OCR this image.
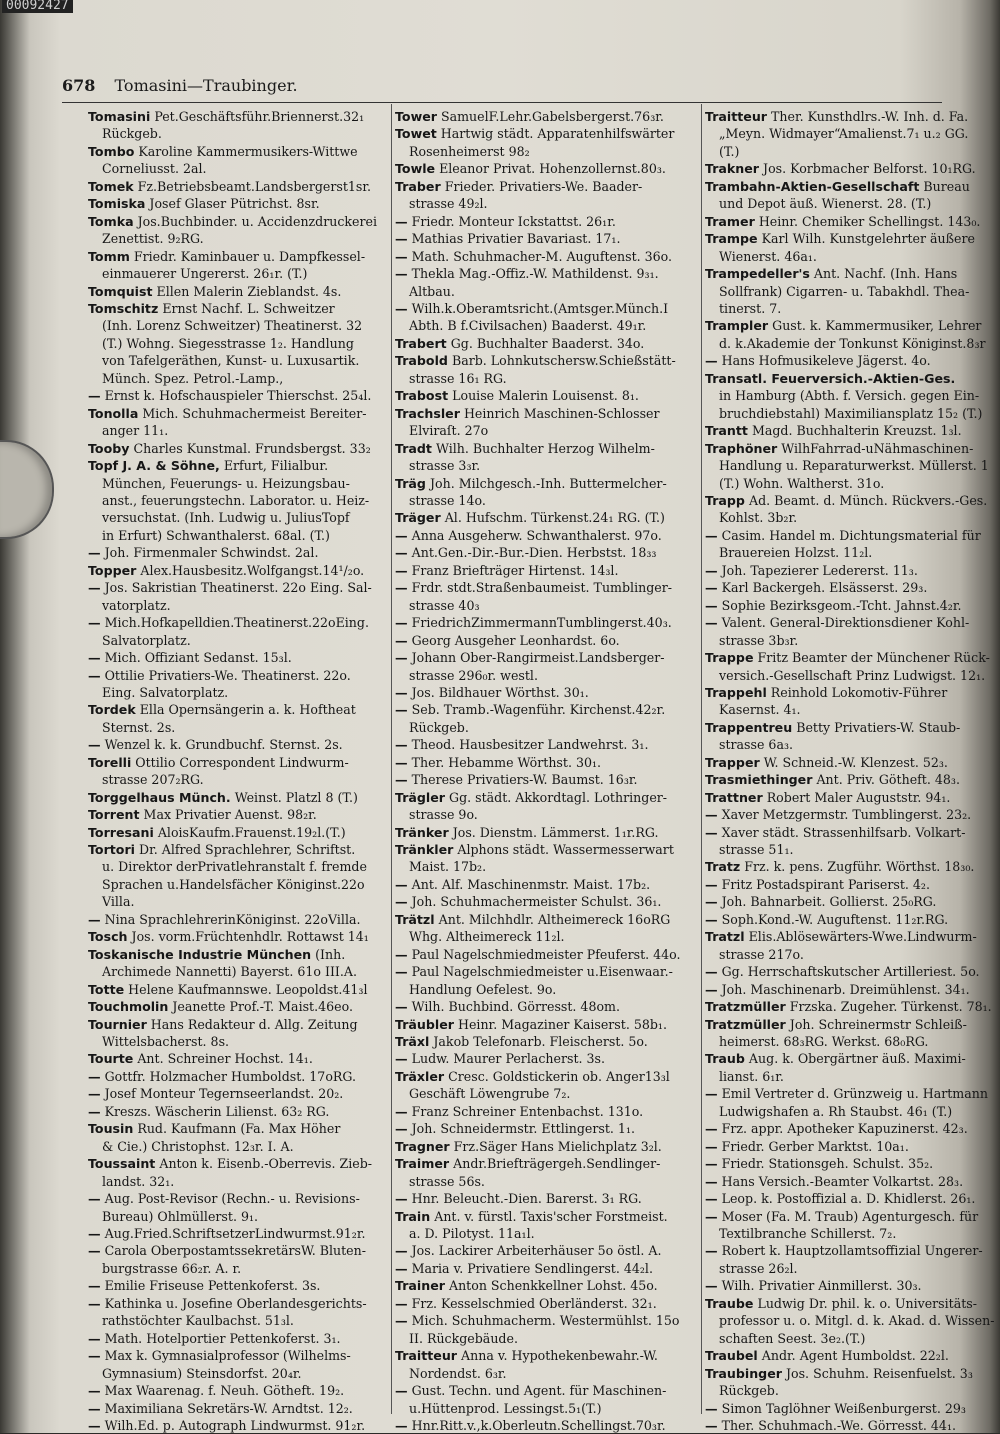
00092427
678 Tomasini—Traubinger.
Tomasini Pet.Geschäftsführ.Briennerst.32₁
Rückgeb.
Tombo Karoline Kammermusikers-Wittwe
Corneliusst. 2al.
Tomek Fz.Betriebsbeamt.Landsbergerst1sr.
Tomiska Josef Glaser Pütrichst. 8sr.
Tomka Jos.Buchbinder. u. Accidenzdruckerei
Zenettist. 9₂RG.
Tomm Friedr. Kaminbauer u. Dampfkessel-
einmauerer Ungererst. 26₁r. (T.)
Tomquist Ellen Malerin Zieblandst. 4s.
Tomschitz Ernst Nachf. L. Schweitzer
(Inh. Lorenz Schweitzer) Theatinerst. 32
(T.) Wohng. Siegesstrasse 1₂. Handlung
von Tafelgeräthen, Kunst- u. Luxusartik.
Münch. Spez. Petrol.-Lamp.,
— Ernst k. Hofschauspieler Thierschst. 25₄l.
Tonolla Mich. Schuhmachermeist Bereiter-
anger 11₁.
Tooby Charles Kunstmal. Frundsbergst. 33₂
Topf J. A. & Söhne, Erfurt, Filialbur.
München, Feuerungs- u. Heizungsbau-
anst., feuerungstechn. Laborator. u. Heiz-
versuchstat. (Inh. Ludwig u. JuliusTopf
in Erfurt) Schwanthalerst. 68al. (T.)
— Joh. Firmenmaler Schwindst. 2al.
Topper Alex.Hausbesitz.Wolfgangst.14¹/₂o.
— Jos. Sakristian Theatinerst. 22o Eing. Sal-
vatorplatz.
— Mich.Hofkapelldien.Theatinerst.22oEing.
Salvatorplatz.
— Mich. Offiziant Sedanst. 15₃l.
— Ottilie Privatiers-We. Theatinerst. 22o.
Eing. Salvatorplatz.
Tordek Ella Opernsängerin a. k. Hoftheat
Sternst. 2s.
— Wenzel k. k. Grundbuchf. Sternst. 2s.
Torelli Ottilio Correspondent Lindwurm-
strasse 207₂RG.
Torggelhaus Münch. Weinst. Platzl 8 (T.)
Torrent Max Privatier Auenst. 98₂r.
Torresani AloisKaufm.Frauenst.19₂l.(T.)
Tortori Dr. Alfred Sprachlehrer, Schriftst.
u. Direktor derPrivatlehranstalt f. fremde
Sprachen u.Handelsfächer Königinst.22o
Villa.
— Nina SprachlehrerinKöniginst. 22oVilla.
Tosch Jos. vorm.Früchtenhdlr. Rottawst 14₁
Toskanische Industrie München (Inh.
Archimede Nannetti) Bayerst. 61o III.A.
Totte Helene Kaufmannswe. Leopoldst.41₃l
Touchmolin Jeanette Prof.-T. Maist.46eo.
Tournier Hans Redakteur d. Allg. Zeitung
Wittelsbacherst. 8s.
Tourte Ant. Schreiner Hochst. 14₁.
— Gottfr. Holzmacher Humboldst. 17oRG.
— Josef Monteur Tegernseerlandst. 20₂.
— Kreszs. Wäscherin Lilienst. 63₂ RG.
Tousin Rud. Kaufmann (Fa. Max Höher
& Cie.) Christophst. 12₃r. I. A.
Toussaint Anton k. Eisenb.-Oberrevis. Zieb-
landst. 32₁.
— Aug. Post-Revisor (Rechn.- u. Revisions-
Bureau) Ohlmüllerst. 9₁.
— Aug.Fried.SchriftsetzerLindwurmst.91₂r.
— Carola OberpostamtssekretärsW. Bluten-
burgstrasse 66₂r. A. r.
— Emilie Friseuse Pettenkoferst. 3s.
— Kathinka u. Josefine Oberlandesgerichts-
rathstöchter Kaulbachst. 51₃l.
— Math. Hotelportier Pettenkoferst. 3₁.
— Max k. Gymnasialprofessor (Wilhelms-
Gymnasium) Steinsdorfst. 20₄r.
— Max Waarenag. f. Neuh. Götheft. 19₂.
— Maximiliana Sekretärs-W. Arndtst. 12₂.
— Wilh.Ed. p. Autograph Lindwurmst. 91₂r.
Tower SamuelF.Lehr.Gabelsbergerst.76₃r.
Towet Hartwig städt. Apparatenhilfswärter
Rosenheimerst 98₂
Towle Eleanor Privat. Hohenzollernst.80₃.
Traber Frieder. Privatiers-We. Baader-
strasse 49₂l.
— Friedr. Monteur Ickstattst. 26₁r.
— Mathias Privatier Bavariast. 17₁.
— Math. Schuhmacher-M. Auguftenst. 36o.
— Thekla Mag.-Offiz.-W. Mathildenst. 9₃₁.
Altbau.
— Wilh.k.Oberamtsricht.(Amtsger.Münch.I
Abth. B f.Civilsachen) Baaderst. 49₁r.
Trabert Gg. Buchhalter Baaderst. 34o.
Trabold Barb. Lohnkutschersw.Schießstätt-
strasse 16₁ RG.
Trabost Louise Malerin Louisenst. 8₁.
Trachsler Heinrich Maschinen-Schlosser
Elviraſt. 27o
Tradt Wilh. Buchhalter Herzog Wilhelm-
strasse 3₃r.
Träg Joh. Milchgesch.-Inh. Buttermelcher-
strasse 14o.
Träger Al. Hufschm. Türkenst.24₁ RG. (T.)
— Anna Ausgeherw. Schwanthalerst. 97o.
— Ant.Gen.-Dir.-Bur.-Dien. Herbstst. 18₃₃
— Franz Briefträger Hirtenst. 14₃l.
— Frdr. stdt.Straßenbaumeist. Tumblinger-
strasse 40₃
— FriedrichZimmermannTumblingerst.40₃.
— Georg Ausgeher Leonhardst. 6o.
— Johann Ober-Rangirmeist.Landsberger-
strasse 296₀r. westl.
— Jos. Bildhauer Wörthst. 30₁.
— Seb. Tramb.-Wagenführ. Kirchenst.42₂r.
Rückgeb.
— Theod. Hausbesitzer Landwehrst. 3₁.
— Ther. Hebamme Wörthst. 30₁.
— Therese Privatiers-W. Baumst. 16₃r.
Trägler Gg. städt. Akkordtagl. Lothringer-
strasse 9o.
Tränker Jos. Dienstm. Lämmerst. 1₁r.RG.
Tränkler Alphons städt. Wassermesserwart
Maist. 17b₂.
— Ant. Alf. Maschinenmstr. Maist. 17b₂.
— Joh. Schuhmachermeister Schulst. 36₁.
Trätzl Ant. Milchhdlr. Altheimereck 16oRG
Whg. Altheimereck 11₂l.
— Paul Nagelschmiedmeister Pfeuferst. 44o.
— Paul Nagelschmiedmeister u.Eisenwaar.-
Handlung Oefelest. 9o.
— Wilh. Buchbind. Görresst. 48om.
Träubler Heinr. Magaziner Kaiserst. 58b₁.
Träxl Jakob Telefonarb. Fleischerst. 5o.
— Ludw. Maurer Perlacherst. 3s.
Träxler Cresc. Goldstickerin ob. Anger13₃l
Geschäft Löwengrube 7₂.
— Franz Schreiner Entenbachst. 131o.
— Joh. Schneidermstr. Ettlingerst. 1₁.
Tragner Frz.Säger Hans Mielichplatz 3₂l.
Traimer Andr.Briefträgergeh.Sendlinger-
strasse 56s.
— Hnr. Beleucht.-Dien. Barerst. 3₁ RG.
Train Ant. v. fürstl. Taxis'scher Forstmeist.
a. D. Pilotyst. 11a₁l.
— Jos. Lackirer Arbeiterhäuser 5o östl. A.
— Maria v. Privatiere Sendlingerst. 44₂l.
Trainer Anton Schenkkellner Lohst. 45o.
— Frz. Kesselschmied Oberländerst. 32₁.
— Mich. Schuhmacherm. Westermühlst. 15o
II. Rückgebäude.
Traitteur Anna v. Hypothekenbewahr.-W.
Nordendst. 6₃r.
— Gust. Techn. und Agent. für Maschinen-
u.Hüttenprod. Lessingst.5₁(T.)
— Hnr.Ritt.v.,k.Oberleutn.Schellingst.70₃r.
Traitteur Ther. Kunsthdlrs.-W. Inh. d. Fa.
„Meyn. Widmayer“Amalienst.7₁ u.₂ GG.
(T.)
Trakner Jos. Korbmacher Belforst. 10₁RG.
Trambahn-Aktien-Gesellschaft Bureau
und Depot äuß. Wienerst. 28. (T.)
Tramer Heinr. Chemiker Schellingst. 143₀.
Trampe Karl Wilh. Kunstgelehrter äußere
Wienerst. 46a₁.
Trampedeller's Ant. Nachf. (Inh. Hans
Sollfrank) Cigarren- u. Tabakhdl. Thea-
tinerst. 7.
Trampler Gust. k. Kammermusiker, Lehrer
d. k.Akademie der Tonkunst Königinst.8₃r
— Hans Hofmusikeleve Jägerst. 4o.
Transatl. Feuerversich.-Aktien-Ges.
in Hamburg (Abth. f. Versich. gegen Ein-
bruchdiebstahl) Maximiliansplatz 15₂ (T.)
Trantt Magd. Buchhalterin Kreuzst. 1₃l.
Traphöner WilhFahrrad-uNähmaschinen-
Handlung u. Reparaturwerkst. Müllerst. 1
(T.) Wohn. Waltherst. 31o.
Trapp Ad. Beamt. d. Münch. Rückvers.-Ges.
Kohlst. 3b₂r.
— Casim. Handel m. Dichtungsmaterial für
Brauereien Holzst. 11₂l.
— Joh. Tapezierer Ledererst. 11₃.
— Karl Backergeh. Elsässerst. 29₃.
— Sophie Bezirksgeom.-Tcht. Jahnst.4₂r.
— Valent. General-Direktionsdiener Kohl-
strasse 3b₃r.
Trappe Fritz Beamter der Münchener Rück-
versich.-Gesellschaft Prinz Ludwigst. 12₁.
Trappehl Reinhold Lokomotiv-Führer
Kasernst. 4₁.
Trappentreu Betty Privatiers-W. Staub-
strasse 6a₃.
Trapper W. Schneid.-W. Klenzest. 52₃.
Trasmiethinger Ant. Priv. Götheft. 48₃.
Trattner Robert Maler Auguststr. 94₁.
— Xaver Metzgermstr. Tumblingerst. 23₂.
— Xaver städt. Strassenhilfsarb. Volkart-
strasse 51₁.
Tratz Frz. k. pens. Zugführ. Wörthst. 18₃₀.
— Fritz Postadspirant Pariserst. 4₂.
— Joh. Bahnarbeit. Gollierst. 25₀RG.
— Soph.Kond.-W. Auguftenst. 11₂r.RG.
Tratzl Elis.Ablösewärters-Wwe.Lindwurm-
strasse 217o.
— Gg. Herrschaftskutscher Artilleriest. 5o.
— Joh. Maschinenarb. Dreimühlenst. 34₁.
Tratzmüller Frzska. Zugeher. Türkenst. 78₁.
Tratzmüller Joh. Schreinermstr Schleiß-
heimerst. 68₃RG. Werkst. 68₀RG.
Traub Aug. k. Obergärtner äuß. Maximi-
lianst. 6₁r.
— Emil Vertreter d. Grünzweig u. Hartmann
Ludwigshafen a. Rh Staubst. 46₁ (T.)
— Frz. appr. Apotheker Kapuzinerst. 42₃.
— Friedr. Gerber Marktst. 10a₁.
— Friedr. Stationsgeh. Schulst. 35₂.
— Hans Versich.-Beamter Volkartst. 28₃.
— Leop. k. Postoffizial a. D. Khidlerst. 26₁.
— Moser (Fa. M. Traub) Agenturgesch. für
Textilbranche Schillerst. 7₂.
— Robert k. Hauptzollamtsoffizial Ungerer-
strasse 26₂l.
— Wilh. Privatier Ainmillerst. 30₃.
Traube Ludwig Dr. phil. k. o. Universitäts-
professor u. o. Mitgl. d. k. Akad. d. Wissen-
schaften Seest. 3e₂.(T.)
Traubel Andr. Agent Humboldst. 22₂l.
Traubinger Jos. Schuhm. Reisenfuelst. 3₃
Rückgeb.
— Simon Taglöhner Weißenburgerst. 29₃
— Ther. Schuhmach.-We. Görresst. 44₁.
